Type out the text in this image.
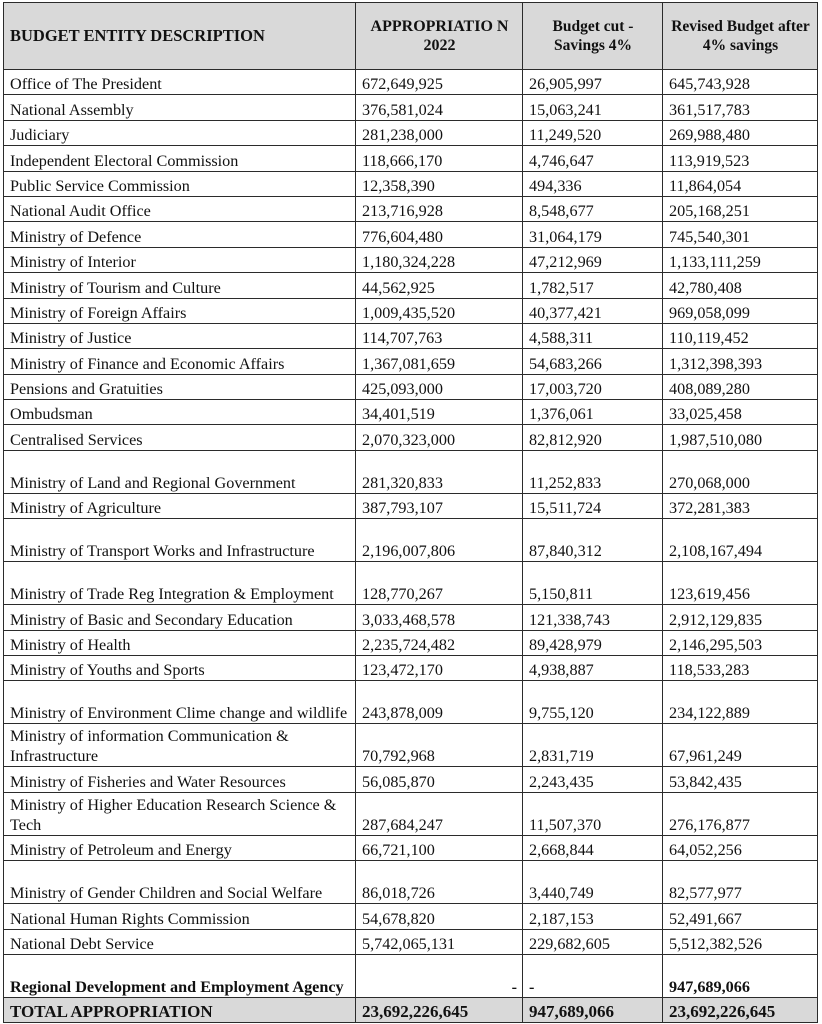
BUDGET ENTITY DESCRIPTION	APPROPRIATIO N 2022	Budget cut - Savings 4%	Revised Budget after 4% savings
Office of The President	672,649,925	26,905,997	645,743,928
National Assembly	376,581,024	15,063,241	361,517,783
Judiciary	281,238,000	11,249,520	269,988,480
Independent Electoral Commission	118,666,170	4,746,647	113,919,523
Public Service Commission	12,358,390	494,336	11,864,054
National Audit Office	213,716,928	8,548,677	205,168,251
Ministry of Defence	776,604,480	31,064,179	745,540,301
Ministry of Interior	1,180,324,228	47,212,969	1,133,111,259
Ministry of Tourism and Culture	44,562,925	1,782,517	42,780,408
Ministry of Foreign Affairs	1,009,435,520	40,377,421	969,058,099
Ministry of Justice	114,707,763	4,588,311	110,119,452
Ministry of Finance and Economic Affairs	1,367,081,659	54,683,266	1,312,398,393
Pensions and Gratuities	425,093,000	17,003,720	408,089,280
Ombudsman	34,401,519	1,376,061	33,025,458
Centralised Services	2,070,323,000	82,812,920	1,987,510,080
Ministry of Land and Regional Government	281,320,833	11,252,833	270,068,000
Ministry of Agriculture	387,793,107	15,511,724	372,281,383
Ministry of Transport Works and Infrastructure	2,196,007,806	87,840,312	2,108,167,494
Ministry of Trade Reg Integration & Employment	128,770,267	5,150,811	123,619,456
Ministry of Basic and Secondary Education	3,033,468,578	121,338,743	2,912,129,835
Ministry of Health	2,235,724,482	89,428,979	2,146,295,503
Ministry of Youths and Sports	123,472,170	4,938,887	118,533,283
Ministry of Environment Clime change and wildlife	243,878,009	9,755,120	234,122,889
Ministry of information Communication & Infrastructure	70,792,968	2,831,719	67,961,249
Ministry of Fisheries and Water Resources	56,085,870	2,243,435	53,842,435
Ministry of Higher Education Research Science & Tech	287,684,247	11,507,370	276,176,877
Ministry of Petroleum and Energy	66,721,100	2,668,844	64,052,256
Ministry of Gender Children and Social Welfare	86,018,726	3,440,749	82,577,977
National Human Rights Commission	54,678,820	2,187,153	52,491,667
National Debt Service	5,742,065,131	229,682,605	5,512,382,526
Regional Development and Employment Agency	-	-	947,689,066
TOTAL APPROPRIATION	23,692,226,645	947,689,066	23,692,226,645
